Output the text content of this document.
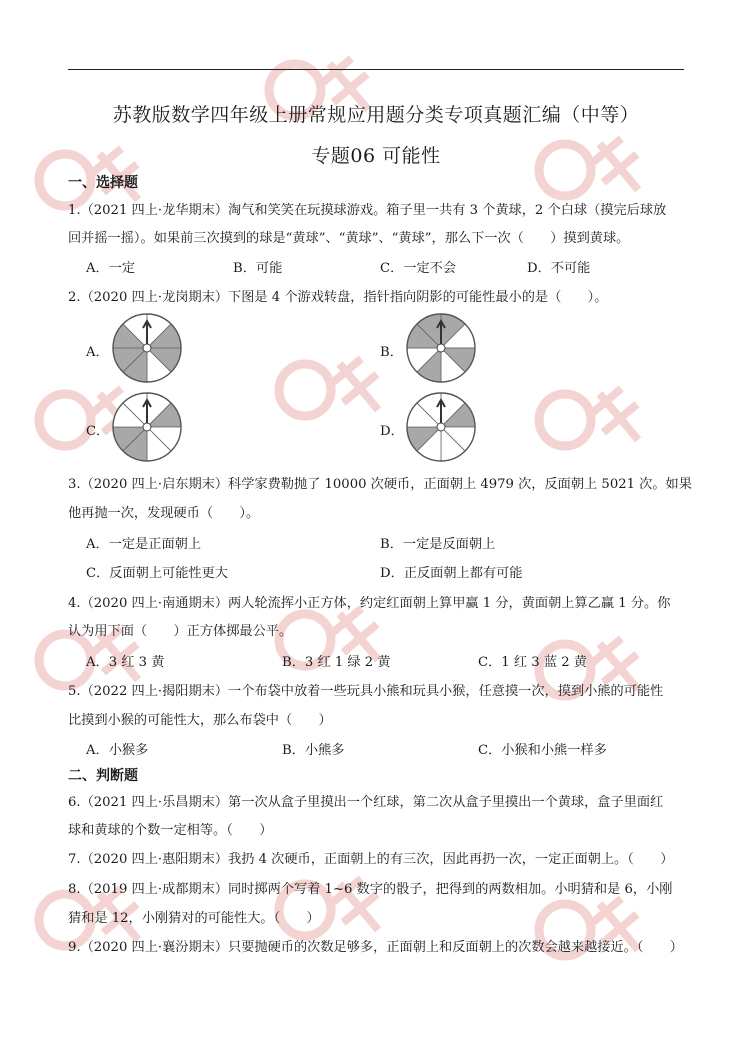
苏教版数学四年级上册常规应用题分类专项真题汇编（中等）
专题06 可能性
一、选择题
1.（2021 四上·龙华期末）淘气和笑笑在玩摸球游戏。箱子里一共有 3 个黄球，2 个白球（摸完后球放
回并摇一摇）。如果前三次摸到的球是“黄球”、“黄球”、“黄球”，那么下一次（　　）摸到黄球。
A．一定	B．可能	C．一定不会	D．不可能
2.（2020 四上·龙岗期末）下图是 4 个游戏转盘，指针指向阴影的可能性最小的是（　　）。
A．	B．
C．	D．
3.（2020 四上·启东期末）科学家费勒抛了 10000 次硬币，正面朝上 4979 次，反面朝上 5021 次。如果
他再抛一次，发现硬币（　　）。
A．一定是正面朝上	B．一定是反面朝上
C．反面朝上可能性更大	D．正反面朝上都有可能
4.（2020 四上·南通期末）两人轮流挥小正方体，约定红面朝上算甲赢 1 分，黄面朝上算乙赢 1 分。你
认为用下面（　　）正方体掷最公平。
A．3 红 3 黄	B．3 红 1 绿 2 黄	C．1 红 3 蓝 2 黄
5.（2022 四上·揭阳期末）一个布袋中放着一些玩具小熊和玩具小猴，任意摸一次，摸到小熊的可能性
比摸到小猴的可能性大，那么布袋中（　　）
A．小猴多	B．小熊多	C．小猴和小熊一样多
二、判断题
6.（2021 四上·乐昌期末）第一次从盒子里摸出一个红球，第二次从盒子里摸出一个黄球，盒子里面红
球和黄球的个数一定相等。（　　）
7.（2020 四上·惠阳期末）我扔 4 次硬币，正面朝上的有三次，因此再扔一次，一定正面朝上。（　　）
8.（2019 四上·成都期末）同时掷两个写着 1~6 数字的骰子，把得到的两数相加。小明猜和是 6，小刚
猜和是 12，小刚猜对的可能性大。（　　）
9.（2020 四上·襄汾期末）只要抛硬币的次数足够多，正面朝上和反面朝上的次数会越来越接近。（　　）
